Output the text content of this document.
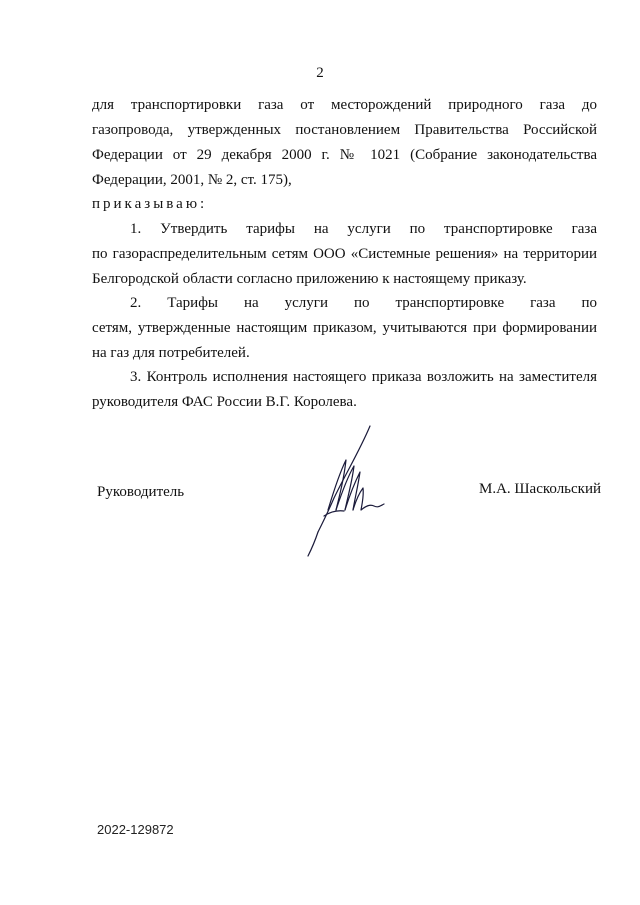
2
для транспортировки газа от месторождений природного газа до
газопровода, утвержденных постановлением Правительства Российской
Федерации от 29 декабря 2000 г. № 1021 (Собрание законодательства
Федерации, 2001, № 2, ст. 175),
приказываю:
1. Утвердить тарифы на услуги по транспортировке газа
по газораспределительным сетям ООО «Системные решения» на территории
Белгородской области согласно приложению к настоящему приказу.
2. Тарифы на услуги по транспортировке газа по
сетям, утвержденные настоящим приказом, учитываются при формировании
на газ для потребителей.
3. Контроль исполнения настоящего приказа возложить на заместителя
руководителя ФАС России В.Г. Королева.
Руководитель	М.А. Шаскольский
2022-129872
